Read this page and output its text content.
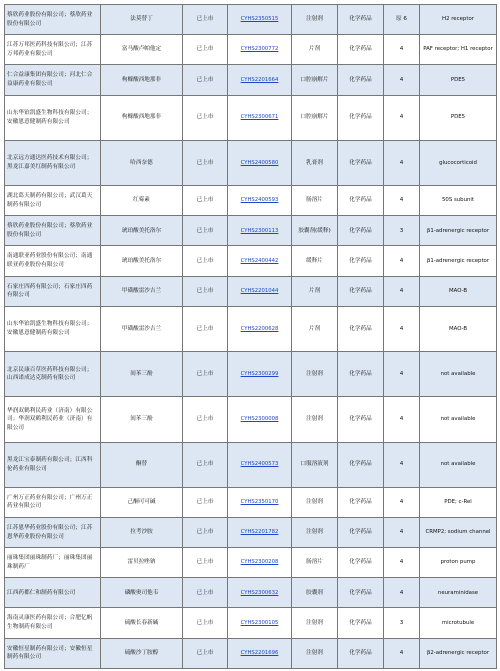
蔡欣药业股份有限公司；蔡欣药业股份有限公司	法莫替丁	已上市	CYHS2350515	注射剂	化学药品	原 6	H2 receptor
江苏万邦医药科技有限公司；江苏万邦药业有限公司	富马酸卢帕他定	已上市	CYHS2300772	片剂	化学药品	4	PAF receptor; H1 receptor
仁合益康集团有限公司；河北仁合益康药业有限公司	枸橼酸西地那非	已上市	CYHS2201664	口腔崩解片	化学药品	4	PDE5
山东华铂凯盛生物科技有限公司；安徽恩意健制药有限公司	枸橼酸西地那非	已上市	CYHS2300671	口腔崩解片	化学药品	4	PDE5
北京远方通达医药技术有限公司；黑龙江嘉美红制药有限公司	哈西奈德	已上市	CYHS2400580	乳膏剂	化学药品	4	glucocorticoid
湖北葛天制药有限公司；武汉葛天制药有限公司	红霉素	已上市	CYHS2400593	肠溶片	化学药品	4	50S subunit
蔡欣药业股份有限公司；蔡欣药业股份有限公司	琥珀酸美托洛尔	已上市	CYHS2300113	胶囊剂(缓释)	化学药品	3	β1-adrenergic receptor
南通联亚药业股份有限公司；南通联亚药业股份有限公司	琥珀酸美托洛尔	已上市	CYHS2400442	缓释片	化学药品	4	β1-adrenergic receptor
石家庄四药有限公司；石家庄四药有限公司	甲磺酸雷沙吉兰	已上市	CYHS2201044	片剂	化学药品	4	MAO-B
山东华铂凯盛生物科技有限公司；安徽恩意健制药有限公司	甲磺酸雷沙吉兰	已上市	CYHS2200628	片剂	化学药品	4	MAO-B
北京民康百草医药科技有限公司；山西诺成达克制药有限公司	间苯三酚	已上市	CYHS2300299	注射剂	化学药品	4	not available
华润双鹤利民药业（济南）有限公司；华润双鹤利民药业（济南）有限公司	间苯三酚	已上市	CYHS2300008	注射剂	化学药品	4	not available
黑龙江宝泰制药有限公司；江西科伦药业有限公司	酮替	已上市	CYHS2400573	口服溶液剂	化学药品	4	not available
广州万正药业有限公司；广州万正药业有限公司	己酮可可碱	已上市	CYHS2350170	注射剂	化学药品	4	PDE; c-Rel
江苏恩华药业股份有限公司；江苏恩华药业股份有限公司	拉考沙胺	已上市	CYHS2201782	注射剂	化学药品	4	CRMP2; sodium channel
丽珠集团丽珠制药厂；丽珠集团丽珠制药厂	雷贝拉唑钠	已上市	CYHS2300208	肠溶片	化学药品	4	proton pump
江西药都仁和制药有限公司	磷酸奥司他韦	已上市	CYHS2300632	胶囊剂	化学药品	4	neuraminidase
海南灵康医药有限公司；合肥亿帆生物制药有限公司	硫酸长春新碱	已上市	CYHS2300105	注射剂	化学药品	3	microtubule
安徽恒星制药有限公司；安徽恒星制药有限公司	硫酸沙丁胺醇	已上市	CYHS2201696	注射剂	化学药品	4	β2-adrenergic receptor
